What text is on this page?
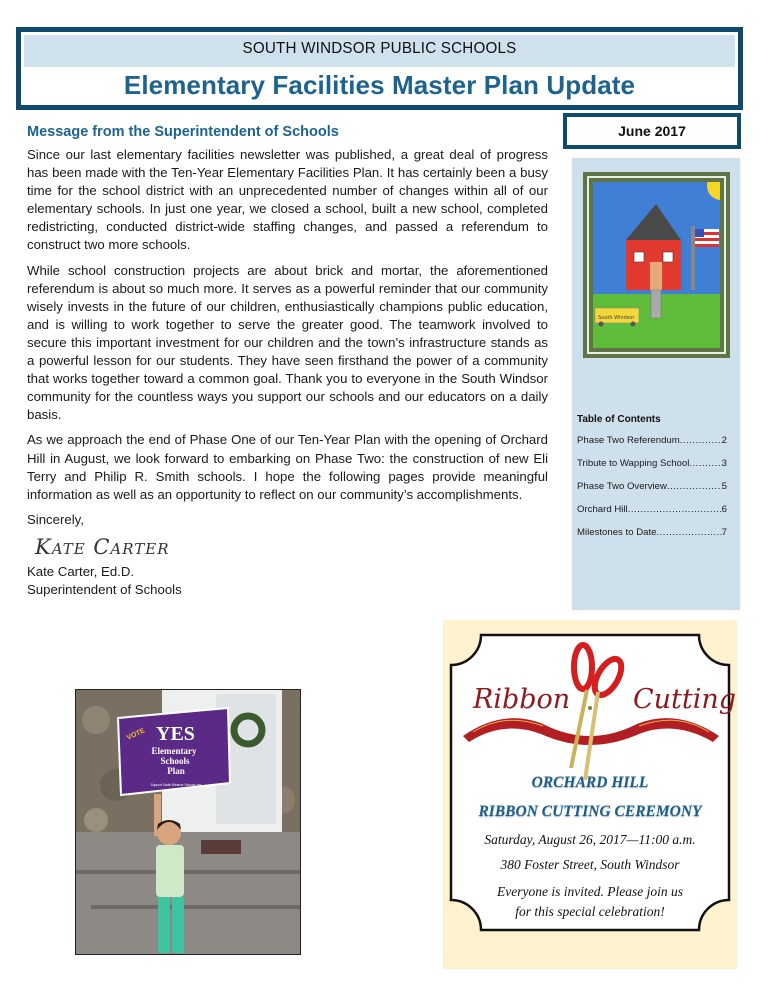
SOUTH WINDSOR PUBLIC SCHOOLS
Elementary Facilities Master Plan Update
June 2017
Message from the Superintendent of Schools

Since our last elementary facilities newsletter was published, a great deal of progress has been made with the Ten-Year Elementary Facilities Plan. It has certainly been a busy time for the school district with an unprecedented number of changes within all of our elementary schools. In just one year, we closed a school, built a new school, completed redistricting, conducted district-wide staffing changes, and passed a referendum to construct two more schools.

While school construction projects are about brick and mortar, the aforementioned referendum is about so much more. It serves as a powerful reminder that our community wisely invests in the future of our children, enthusiastically champions public education, and is willing to work together to serve the greater good. The teamwork involved to secure this important investment for our children and the town’s infrastructure stands as a powerful lesson for our students. They have seen firsthand the power of a community that works together toward a common goal. Thank you to everyone in the South Windsor community for the countless ways you support our schools and our educators on a daily basis.

As we approach the end of Phase One of our Ten-Year Plan with the opening of Orchard Hill in August, we look forward to embarking on Phase Two: the construction of new Eli Terry and Philip R. Smith schools. I hope the following pages provide meaningful information as well as an opportunity to reflect on our community’s accomplishments.

Sincerely,

Kate Carter

Kate Carter, Ed.D.

Superintendent of Schools

South Windsor
Table of Contents
Phase Two Referendum .....	2
Tribute to Wapping School .....	3
Phase Two Overview .....	5
Orchard Hill .....	6
Milestones to Date .....	7
VOTE YES
Elementary
Schools
Plan
Support South Windsor Schools.org
Ribbon Cutting
ORCHARD HILL
RIBBON CUTTING CEREMONY
Saturday, August 26, 2017—11:00 a.m.
380 Foster Street, South Windsor
Everyone is invited. Please join us
for this special celebration!
